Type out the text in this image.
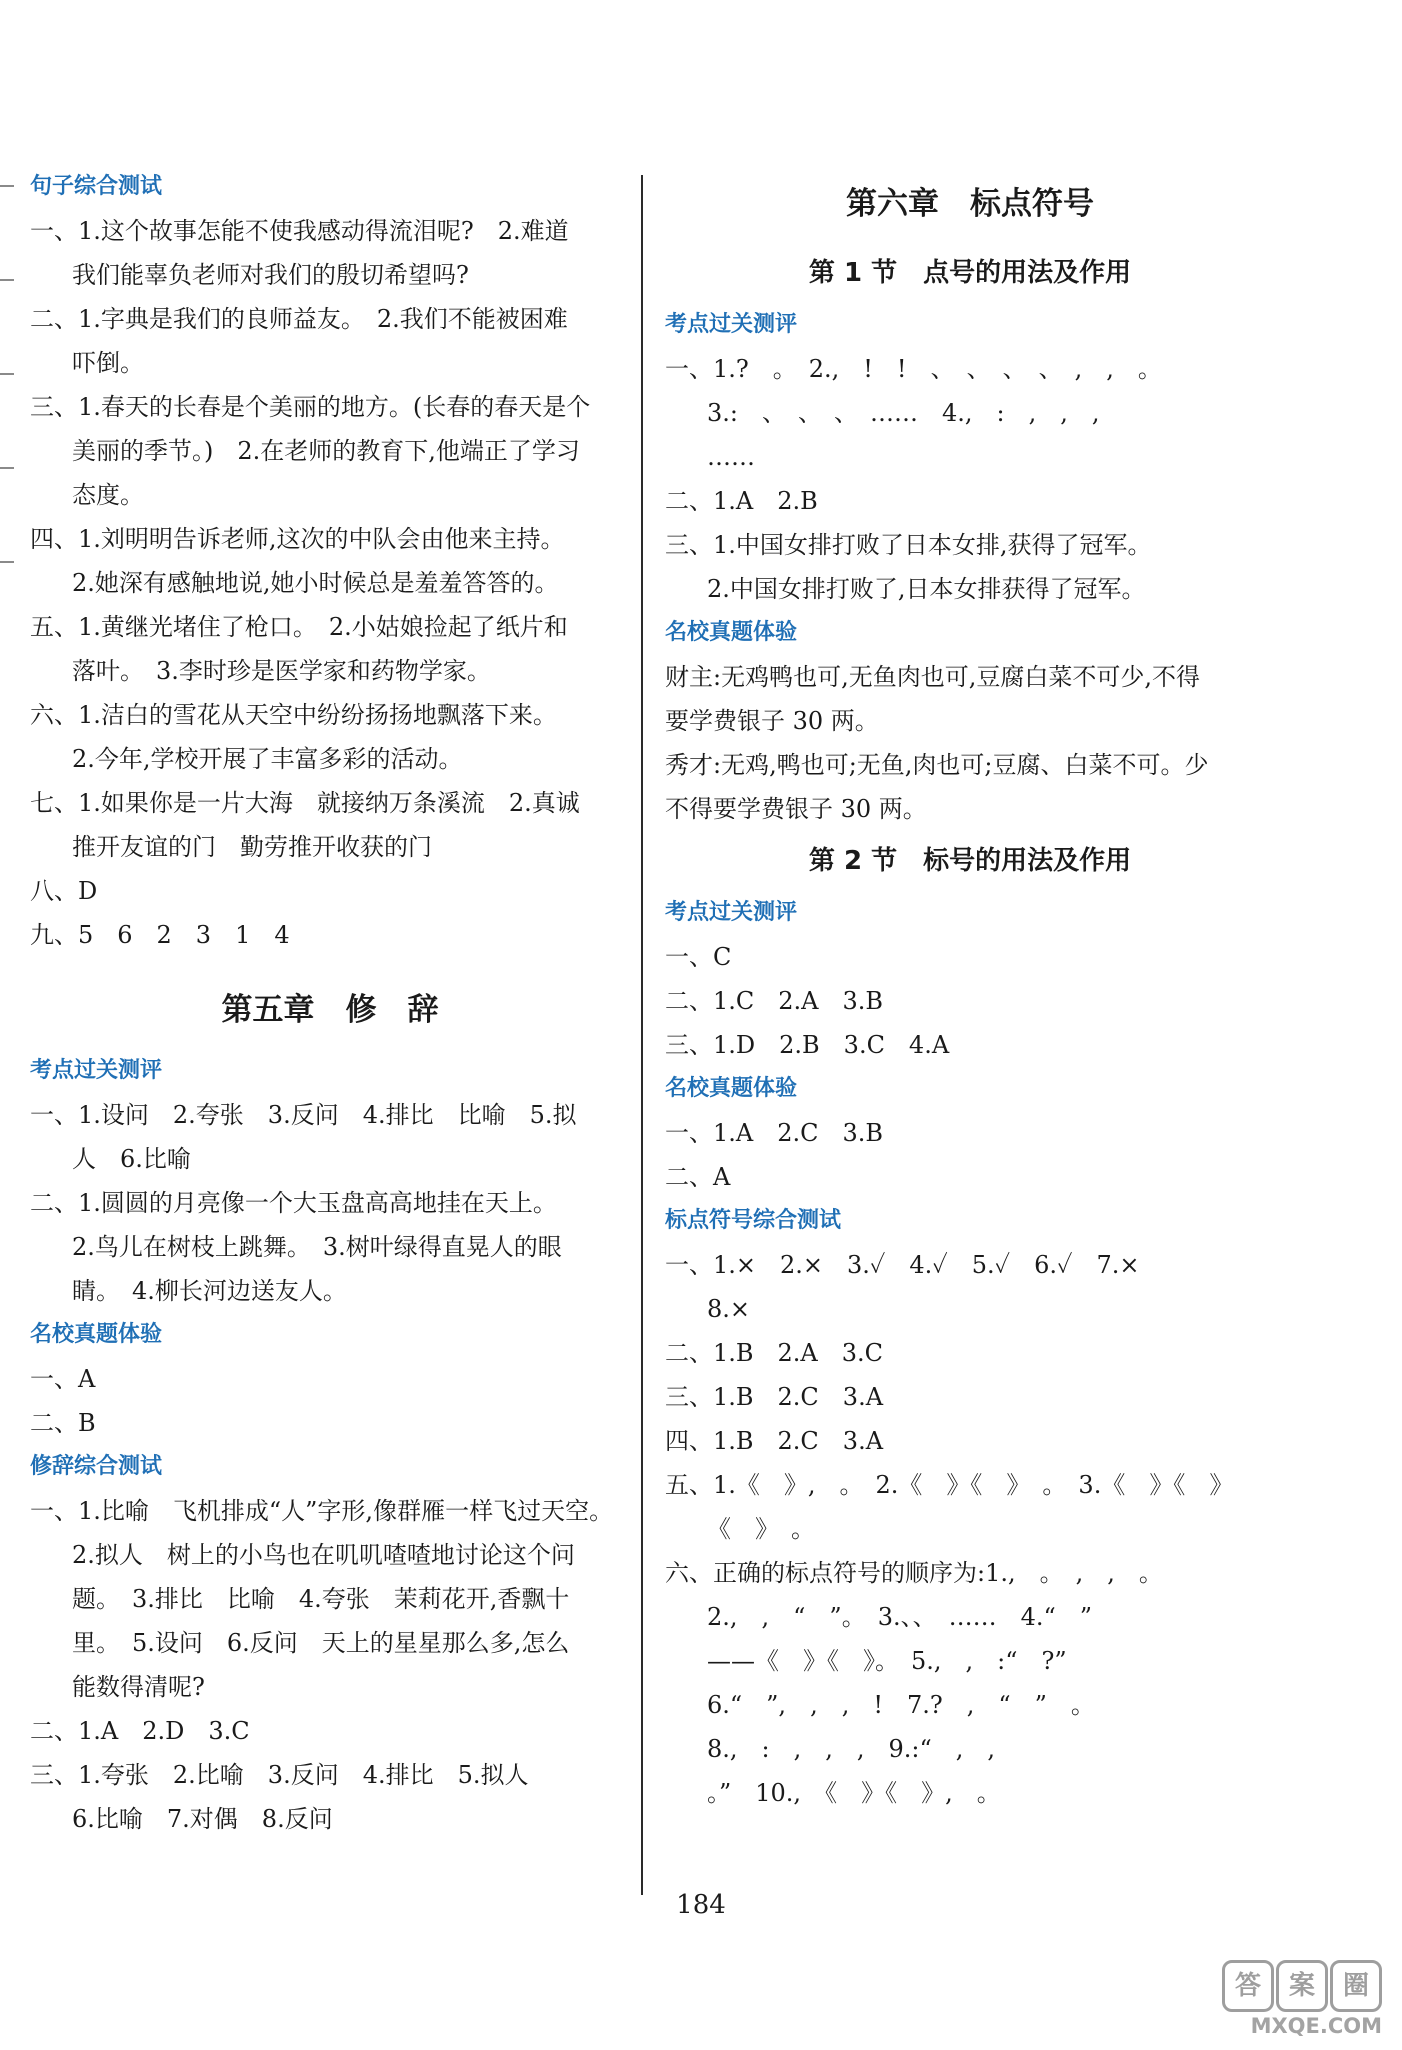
句子综合测试
一、1.这个故事怎能不使我感动得流泪呢?　2.难道
我们能辜负老师对我们的殷切希望吗?
二、1.字典是我们的良师益友。　2.我们不能被困难
吓倒。
三、1.春天的长春是个美丽的地方。(长春的春天是个
美丽的季节。)　2.在老师的教育下,他端正了学习
态度。
四、1.刘明明告诉老师,这次的中队会由他来主持。
2.她深有感触地说,她小时候总是羞羞答答的。
五、1.黄继光堵住了枪口。　2.小姑娘捡起了纸片和
落叶。　3.李时珍是医学家和药物学家。
六、1.洁白的雪花从天空中纷纷扬扬地飘落下来。
2.今年,学校开展了丰富多彩的活动。
七、1.如果你是一片大海　就接纳万条溪流　2.真诚
推开友谊的门　勤劳推开收获的门
八、D
九、5　6　2　3　1　4
第五章　修　辞
考点过关测评
一、1.设问　2.夸张　3.反问　4.排比　比喻　5.拟
人　6.比喻
二、1.圆圆的月亮像一个大玉盘高高地挂在天上。
2.鸟儿在树枝上跳舞。　3.树叶绿得直晃人的眼
睛。　4.柳长河边送友人。
名校真题体验
一、A
二、B
修辞综合测试
一、1.比喻　飞机排成“人”字形,像群雁一样飞过天空。
2.拟人　树上的小鸟也在叽叽喳喳地讨论这个问
题。　3.排比　比喻　4.夸张　茉莉花开,香飘十
里。　5.设问　6.反问　天上的星星那么多,怎么
能数得清呢?
二、1.A　2.D　3.C
三、1.夸张　2.比喻　3.反问　4.排比　5.拟人
6.比喻　7.对偶　8.反问
第六章　标点符号
第 1 节　点号的用法及作用
考点过关测评
一、1.?　。　2.,　!　!　、　、　、　、　,　,　。
3.:　、　、　、　……　4.,　:　,　,　,
……
二、1.A　2.B
三、1.中国女排打败了日本女排,获得了冠军。
2.中国女排打败了,日本女排获得了冠军。
名校真题体验
财主:无鸡鸭也可,无鱼肉也可,豆腐白菜不可少,不得
要学费银子 30 两。
秀才:无鸡,鸭也可;无鱼,肉也可;豆腐、白菜不可。少
不得要学费银子 30 两。
第 2 节　标号的用法及作用
考点过关测评
一、C
二、1.C　2.A　3.B
三、1.D　2.B　3.C　4.A
名校真题体验
一、1.A　2.C　3.B
二、A
标点符号综合测试
一、1.×　2.×　3.✓　4.✓　5.✓　6.✓　7.×
8.×
二、1.B　2.A　3.C
三、1.B　2.C　3.A
四、1.B　2.C　3.A
五、1.《　》,　。　2.《　》《　》　。　3.《　》《　》
《　》　。
六、正确的标点符号的顺序为:1.,　。　,　,　。
2.,　,　“　”。　3.、、　……　4.“　”
——《　》《　》。　5.,　,　:“　?”
6.“　”,　,　,　!　7.?　,　“　”　。
8.,　:　,　,　,　9.:“　,　,
。”　10.,　《　》《　》,　。
184
答	案	圈
MXQE.COM
